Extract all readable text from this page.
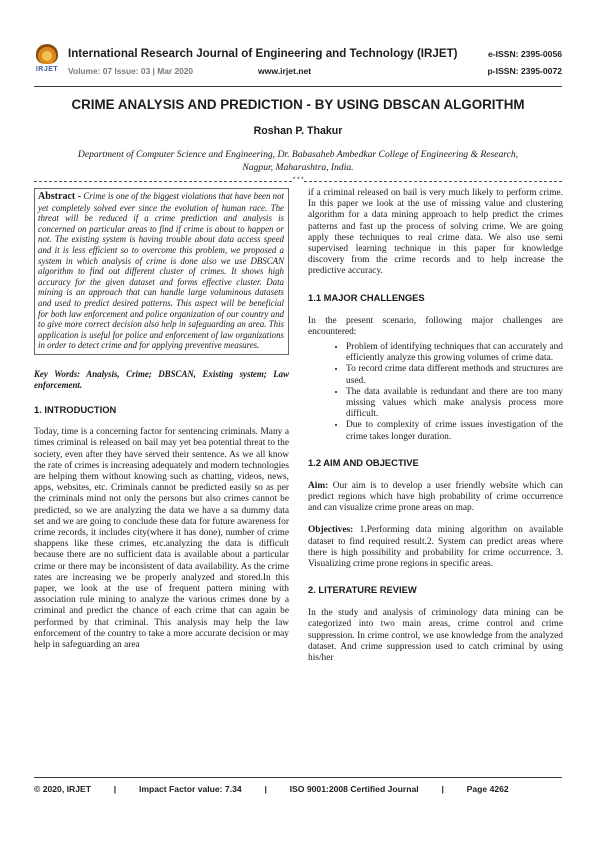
IRJET
International Research Journal of Engineering and Technology (IRJET)
Volume: 07 Issue: 03 | Mar 2020	www.irjet.net
e-ISSN: 2395-0056
p-ISSN: 2395-0072
CRIME ANALYSIS AND PREDICTION - BY USING DBSCAN ALGORITHM
Roshan P. Thakur
Department of Computer Science and Engineering, Dr. Babasaheb Ambedkar College of Engineering & Research,
Nagpur, Maharashtra, India.
***

Abstract - Crime is one of the biggest violations that have been not yet completely solved ever since the evolution of human race. The threat will be reduced if a crime prediction and analysis is concerned on particular areas to find if crime is about to happen or not. The existing system is having trouble about data access speed and it is less efficient so to overcome this problem, we proposed a system in which analysis of crime is done also we use DBSCAN algorithm to find out different cluster of crimes. It shows high accuracy for the given dataset and forms effective cluster. Data mining is an approach that can handle large voluminous datasets and used to predict desired patterns. This aspect will be beneficial for both law enforcement and police organization of our country and to give more correct decision also help in safeguarding an area. This application is useful for police and enforcement of law organizations in order to detect crime and for applying preventive measures.

Key Words: Analysis, Crime; DBSCAN, Existing system; Law enforcement.

1. INTRODUCTION

Today, time is a concerning factor for sentencing criminals. Many a times criminal is released on bail may yet bea potential threat to the society, even after they have served their sentence. As we all know the rate of crimes is increasing adequately and modern technologies are helping them without knowing such as chatting, videos, news, apps, websites, etc. Criminals cannot be predicted easily so as per the criminals mind not only the persons but also crimes cannot be predicted, so we are analyzing the data we have a sa dummy data set and we are going to conclude these data for future awareness for crime records, it includes city(where it has done), number of crime shappens like these crimes, etc.analyzing the data is difficult because there are no sufficient data is available about a particular crime or there may be inconsistent of data availability. As the crime rates are increasing we be properly analyzed and stored.In this paper, we look at the use of frequent pattern mining with association rule mining to analyze the various crimes done by a criminal and predict the chance of each crime that can again be performed by that criminal. This analysis may help the law enforcement of the country to take a more accurate decision or may help in safeguarding an area

if a criminal released on bail is very much likely to perform crime. In this paper we look at the use of missing value and clustering algorithm for a data mining approach to help predict the crimes patterns and fast up the process of solving crime. We are going apply these techniques to real crime data. We also use semi supervised learning technique in this paper for knowledge discovery from the crime records and to help increase the predictive accuracy.

1.1 MAJOR CHALLENGES

In the present scenario, following major challenges are encountered:

• Problem of identifying techniques that can accurately and efficiently analyze this growing volumes of crime data.
• To record crime data different methods and structures are used.
• The data available is redundant and there are too many missing values which make analysis process more difficult.
• Due to complexity of crime issues investigation of the crime takes longer duration.

1.2 AIM AND OBJECTIVE

Aim: Our aim is to develop a user friendly website which can predict regions which have high probability of crime occurrence and can visualize crime prone areas on map.

Objectives: 1.Performing data mining algorithm on available dataset to find required result.2. System can predict areas where there is high possibility and probability for crime occurrence. 3. Visualizing crime prone regions in specific areas.

2. LITERATURE REVIEW

In the study and analysis of criminology data mining can be categorized into two main areas, crime control and crime suppression. In crime control, we use knowledge from the analyzed dataset. And crime suppression used to catch criminal by using his/her

© 2020, IRJET	|	Impact Factor value: 7.34	|	ISO 9001:2008 Certified Journal	|	Page 4262
